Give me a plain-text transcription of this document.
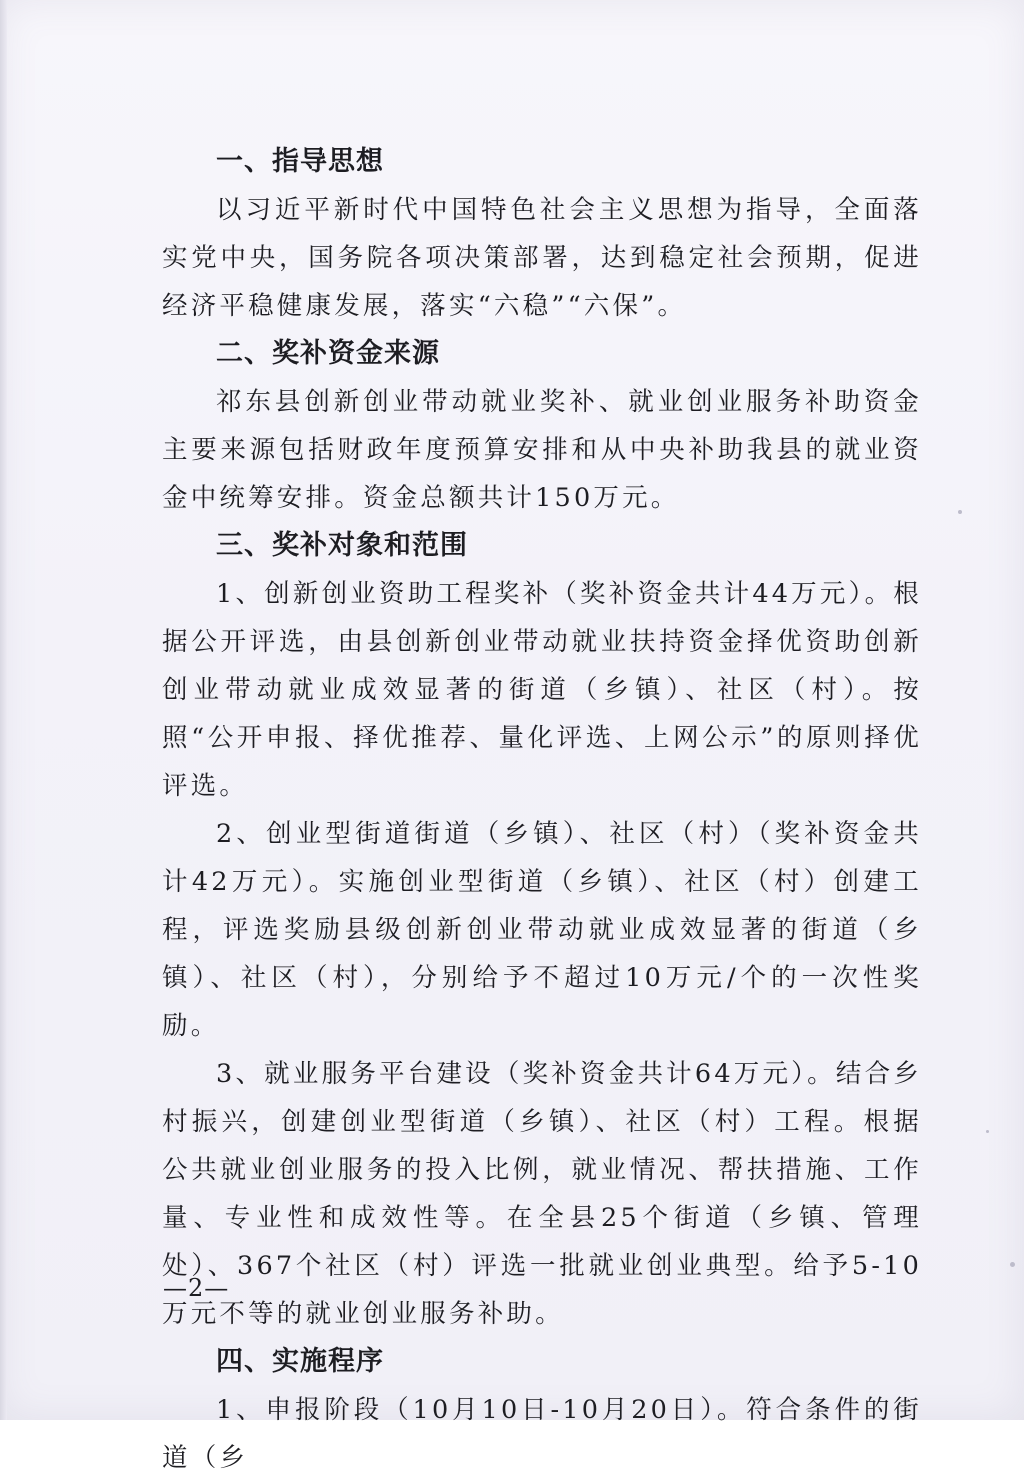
一、指导思想

以习近平新时代中国特色社会主义思想为指导，全面落实党中央，国务院各项决策部署，达到稳定社会预期，促进经济平稳健康发展，落实“六稳”“六保”。

二、奖补资金来源

祁东县创新创业带动就业奖补、就业创业服务补助资金主要来源包括财政年度预算安排和从中央补助我县的就业资金中统筹安排。资金总额共计150万元。

三、奖补对象和范围

1、创新创业资助工程奖补（奖补资金共计44万元）。根据公开评选，由县创新创业带动就业扶持资金择优资助创新创业带动就业成效显著的街道（乡镇）、社区（村）。按照“公开申报、择优推荐、量化评选、上网公示”的原则择优评选。

2、创业型街道街道（乡镇）、社区（村）（奖补资金共计42万元）。实施创业型街道（乡镇）、社区（村）创建工程，评选奖励县级创新创业带动就业成效显著的街道（乡镇）、社区（村），分别给予不超过10万元/个的一次性奖励。

3、就业服务平台建设（奖补资金共计64万元）。结合乡村振兴，创建创业型街道（乡镇）、社区（村）工程。根据公共就业创业服务的投入比例，就业情况、帮扶措施、工作量、专业性和成效性等。在全县25个街道（乡镇、管理处）、367个社区（村）评选一批就业创业典型。给予5-10万元不等的就业创业服务补助。

四、实施程序

1、申报阶段（10月10日-10月20日）。符合条件的街道（乡

—2—
